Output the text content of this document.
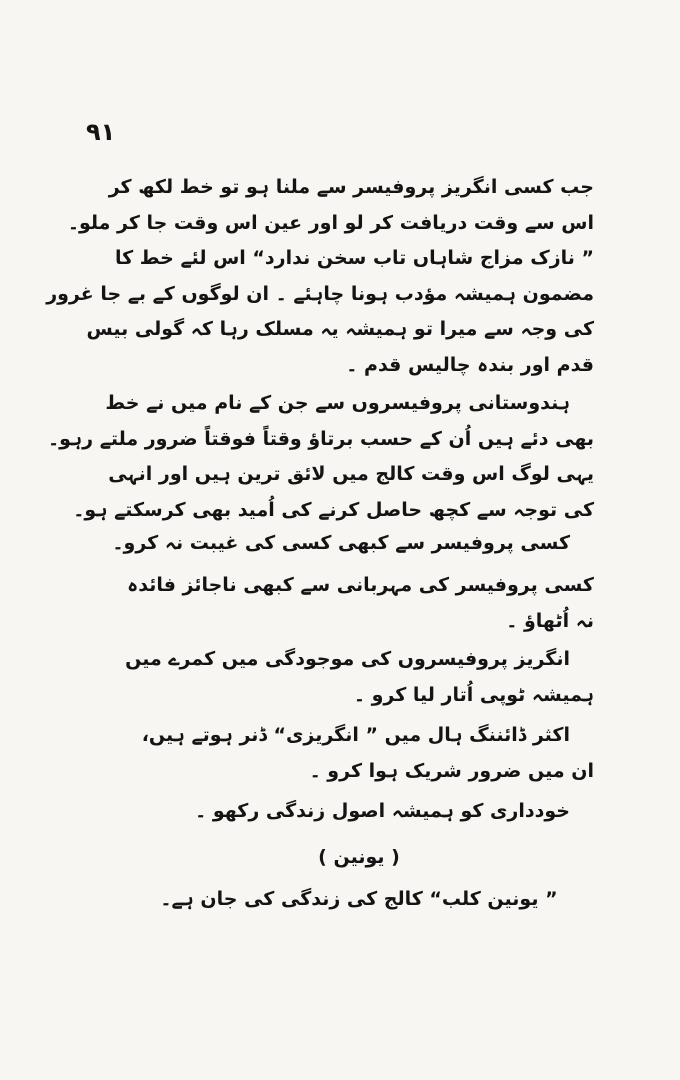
۹۱
جب کسی انگریز پروفیسر سے ملنا ہو تو خط لکھ کر
اس سے وقت دریافت کر لو اور عین اس وقت جا کر ملو۔
” نازک مزاج شاہاں تاب سخن ندارد“ اس لئے خط کا
مضمون ہمیشہ مؤدب ہونا چاہئے ۔ ان لوگوں کے بے جا غرور
کی وجہ سے میرا تو ہمیشہ یہ مسلک رہا کہ گولی بیس
قدم اور بندہ چالیس قدم ۔
ہندوستانی پروفیسروں سے جن کے نام میں نے خط
بھی دئے ہیں اُن کے حسب برتاؤ وقتاً فوقتاً ضرور ملتے رہو۔
یہی لوگ اس وقت کالج میں لائق ترین ہیں اور انہی
کی توجہ سے کچھ حاصل کرنے کی اُمید بھی کرسکتے ہو۔
کسی پروفیسر سے کبھی کسی کی غیبت نہ کرو۔
کسی پروفیسر کی مہربانی سے کبھی ناجائز فائدہ
نہ اُٹھاؤ ۔
انگریز پروفیسروں کی موجودگی میں کمرے میں
ہمیشہ ٹوپی اُتار لیا کرو ۔
اکثر ڈائننگ ہال میں ” انگریزی“ ڈنر ہوتے ہیں،
ان میں ضرور شریک ہوا کرو ۔
خودداری کو ہمیشہ اصول زندگی رکھو ۔
( یونین )
” یونین کلب“ کالج کی زندگی کی جان ہے۔
